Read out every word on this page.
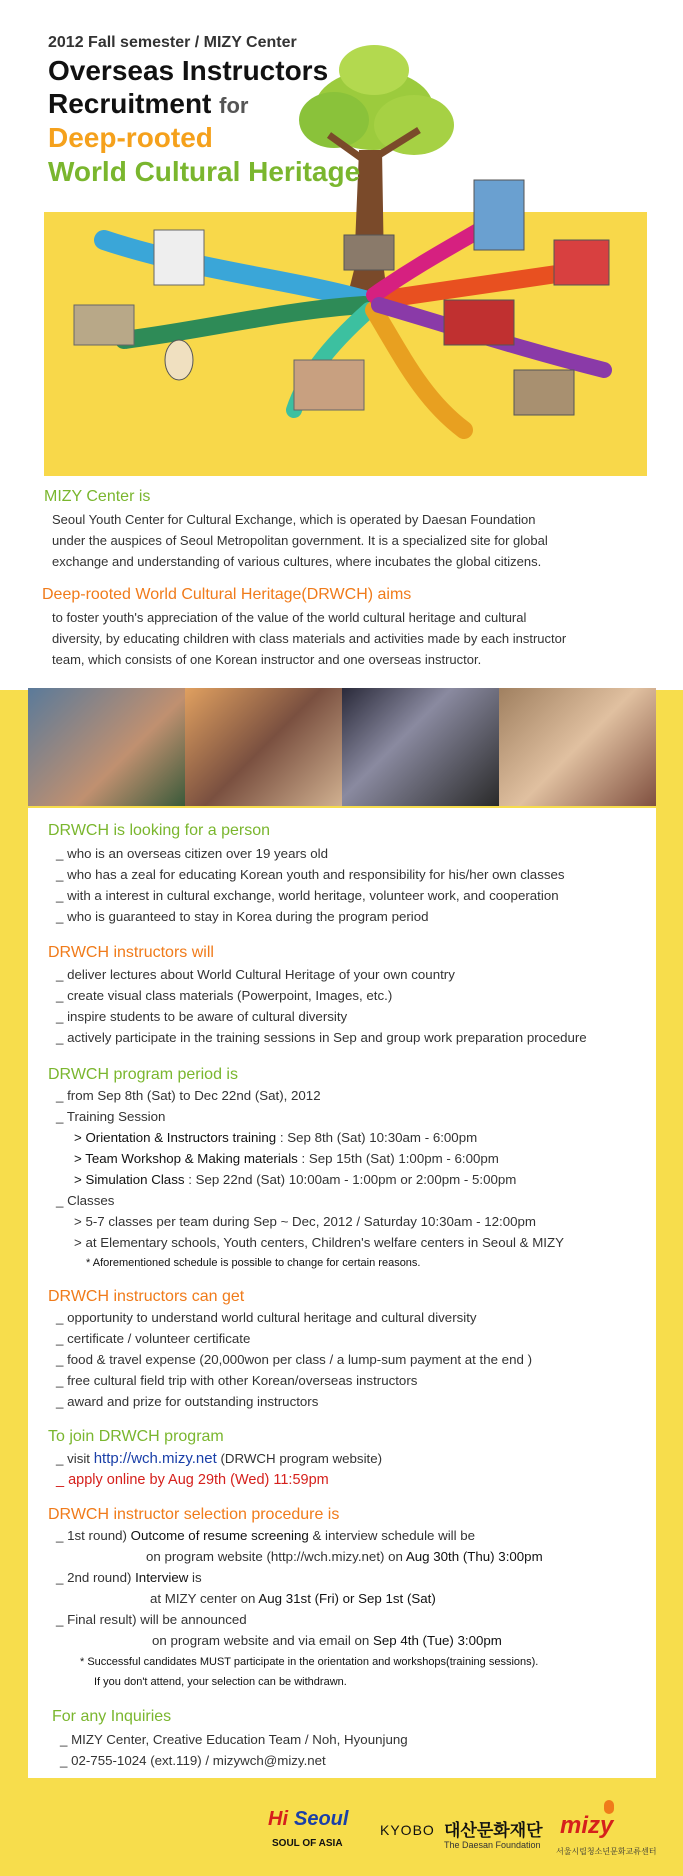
2012 Fall semester / MIZY Center
Overseas Instructors
Recruitment for
Deep-rooted
World Cultural Heritage
MIZY Center is
Seoul Youth Center for Cultural Exchange, which is operated by Daesan Foundation
under the auspices of Seoul Metropolitan government. It is a specialized site for global
exchange and understanding of various cultures, where incubates the global citizens.
Deep-rooted World Cultural Heritage(DRWCH) aims
to foster youth's appreciation of the value of the world cultural heritage and cultural
diversity, by educating children with class materials and activities made by each instructor
team, which consists of one Korean instructor and one overseas instructor.
DRWCH is looking for a person
_ who is an overseas citizen over 19 years old
_ who has a zeal for educating Korean youth and responsibility for his/her own classes
_ with a interest in cultural exchange, world heritage, volunteer work, and cooperation
_ who is guaranteed to stay in Korea during the program period
DRWCH instructors will
_ deliver lectures about World Cultural Heritage of your own country
_ create visual class materials (Powerpoint, Images, etc.)
_ inspire students to be aware of cultural diversity
_ actively participate in the training sessions in Sep and group work preparation procedure
DRWCH program period is
_ from Sep 8th (Sat) to Dec 22nd (Sat), 2012
_ Training Session
> Orientation & Instructors training : Sep 8th (Sat) 10:30am - 6:00pm
> Team Workshop & Making materials : Sep 15th (Sat) 1:00pm - 6:00pm
> Simulation Class : Sep 22nd (Sat) 10:00am - 1:00pm or 2:00pm - 5:00pm
_ Classes
> 5-7 classes per team during Sep ~ Dec, 2012 / Saturday 10:30am - 12:00pm
> at Elementary schools, Youth centers, Children's welfare centers in Seoul & MIZY
* Aforementioned schedule is possible to change for certain reasons.
DRWCH instructors can get
_ opportunity to understand world cultural heritage and cultural diversity
_ certificate / volunteer certificate
_ food & travel expense (20,000won per class / a lump-sum payment at the end )
_ free cultural field trip with other Korean/overseas instructors
_ award and prize for outstanding instructors
To join DRWCH program
_ visit http://wch.mizy.net (DRWCH program website)
_ apply online by Aug 29th (Wed) 11:59pm
DRWCH instructor selection procedure is
_ 1st round) Outcome of resume screening & interview schedule will be
on program website (http://wch.mizy.net) on Aug 30th (Thu) 3:00pm
_ 2nd round) Interview is
at MIZY center on Aug 31st (Fri) or Sep 1st (Sat)
_ Final result) will be announced
on program website and via email on Sep 4th (Tue) 3:00pm
* Successful candidates MUST participate in the orientation and workshops(training sessions).
If you don't attend, your selection can be withdrawn.
For any Inquiries
_ MIZY Center, Creative Education Team / Noh, Hyounjung
_ 02-755-1024 (ext.119) / mizywch@mizy.net
Hi Seoul
SOUL OF ASIA
KYOBO 대산문화재단
The Daesan Foundation
mizy
서울시립청소년문화교류센터
